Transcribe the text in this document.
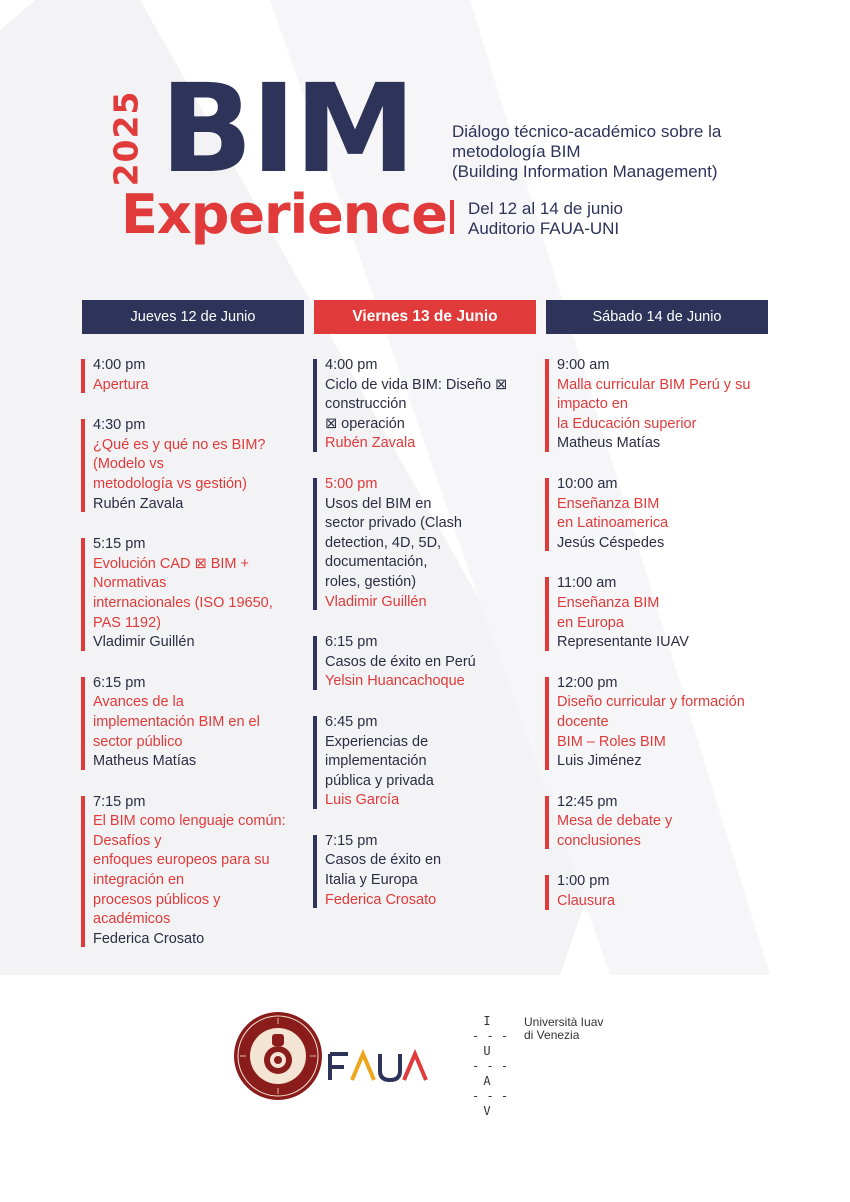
2025 BIM
Experience
Diálogo técnico-académico sobre la
metodología BIM
(Building Information Management)
Del 12 al 14 de junio
Auditorio FAUA-UNI
Jueves 12 de Junio	Viernes 13 de Junio	Sábado 14 de Junio
4:00 pm
Apertura
4:30 pm
¿Qué es y qué no es BIM?
(Modelo vs
metodología vs gestión)
Rubén Zavala
5:15 pm
Evolución CAD ⊠ BIM +
Normativas
internacionales (ISO 19650,
PAS 1192)
Vladimir Guillén
6:15 pm
Avances de la
implementación BIM en el
sector público
Matheus Matías
7:15 pm
El BIM como lenguaje común:
Desafíos y
enfoques europeos para su
integración en
procesos públicos y
académicos
Federica Crosato
4:00 pm
Ciclo de vida BIM: Diseño ⊠
construcción
⊠ operación
Rubén Zavala
5:00 pm
Usos del BIM en
sector privado (Clash
detection, 4D, 5D,
documentación,
roles, gestión)
Vladimir Guillén
6:15 pm
Casos de éxito en Perú
Yelsin Huancachoque
6:45 pm
Experiencias de
implementación
pública y privada
Luis García
7:15 pm
Casos de éxito en
Italia y Europa
Federica Crosato
9:00 am
Malla curricular BIM Perú y su
impacto en
la Educación superior
Matheus Matías
10:00 am
Enseñanza BIM
en Latinoamerica
Jesús Céspedes
11:00 am
Enseñanza BIM
en Europa
Representante IUAV
12:00 pm
Diseño curricular y formación
docente
BIM – Roles BIM
Luis Jiménez
12:45 pm
Mesa de debate y
conclusiones
1:00 pm
Clausura
I
- - -
U
- - -
A
- - -
V
Università Iuav
di Venezia
